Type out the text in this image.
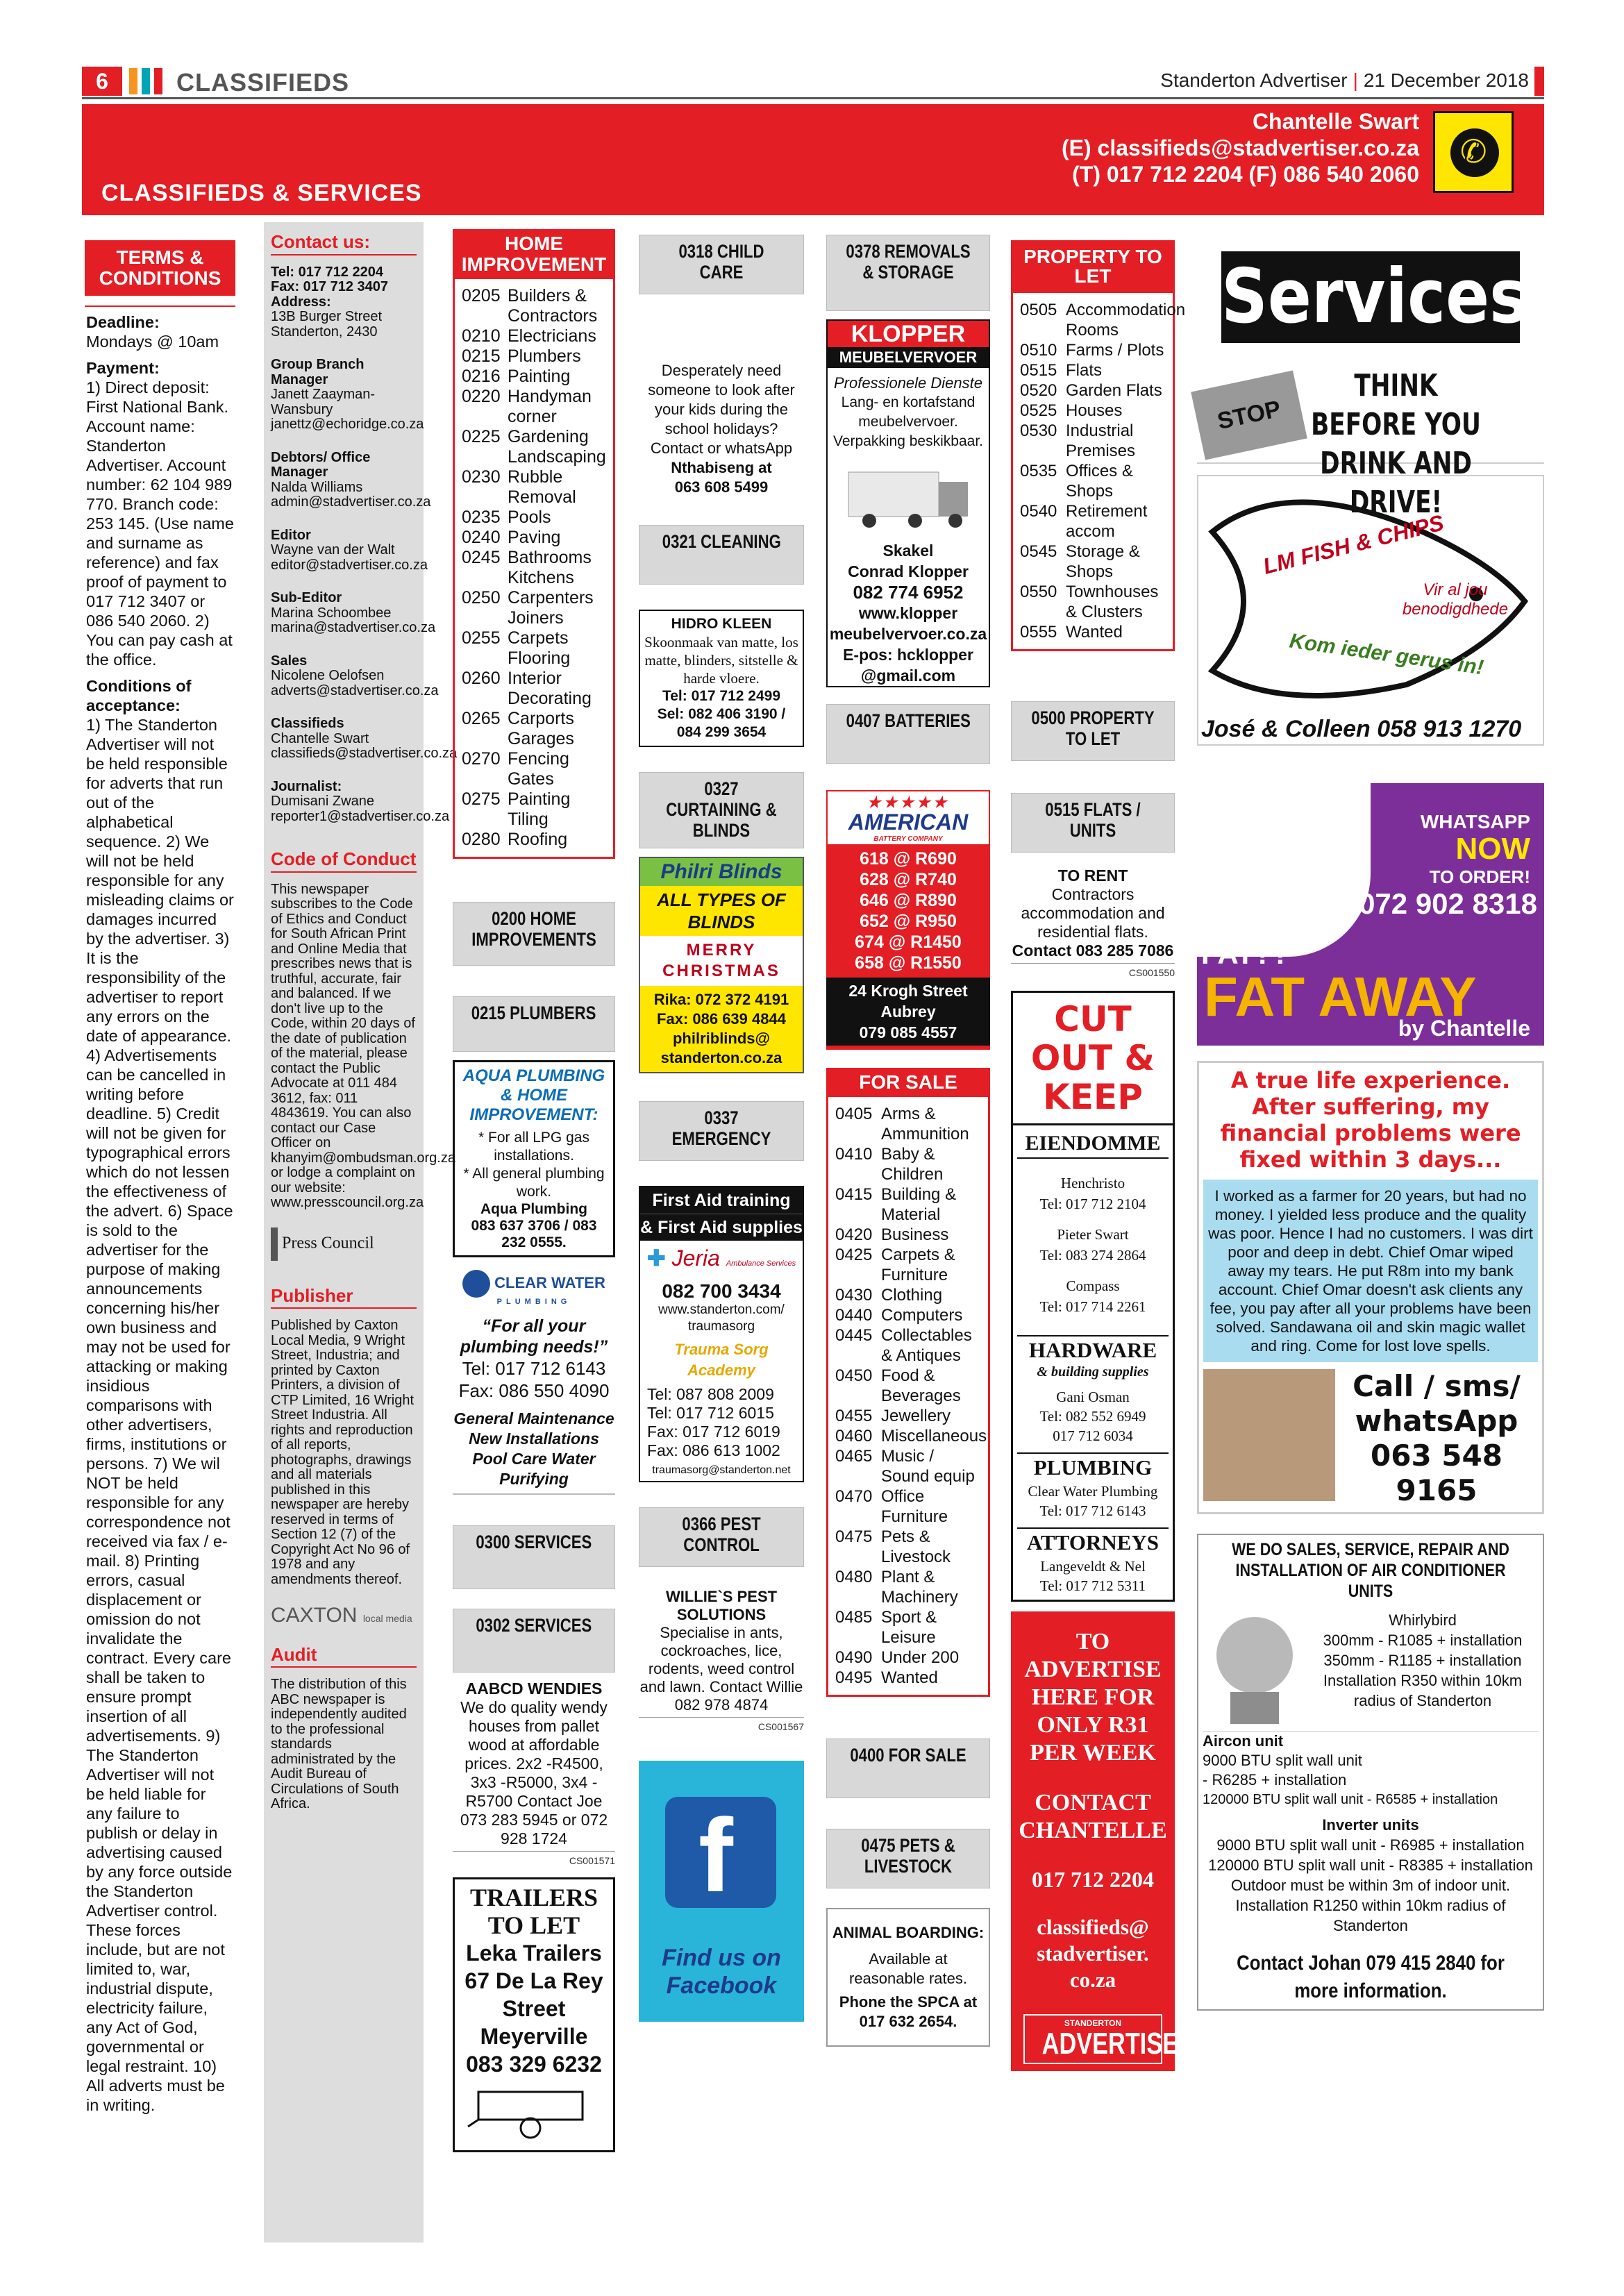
6	CLASSIFIEDS	Standerton Advertiser | 21 December 2018
CLASSIFIEDS & SERVICES
Chantelle Swart
(E) classifieds@stadvertiser.co.za
(T) 017 712 2204 (F) 086 540 2060
✆
TERMS & CONDITIONS
Deadline:
Mondays @ 10am
Payment:
1) Direct deposit: First National Bank. Account name: Standerton Advertiser. Account number: 62 104 989 770. Branch code: 253 145. (Use name and surname as reference) and fax proof of payment to 017 712 3407 or 086 540 2060. 2) You can pay cash at the office.
Conditions of acceptance:
1) The Standerton Advertiser will not be held responsible for adverts that run out of the alphabetical sequence. 2) We will not be held responsible for any misleading claims or damages incurred by the advertiser. 3) It is the responsibility of the advertiser to report any errors on the date of appearance. 4) Advertisements can be cancelled in writing before deadline. 5) Credit will not be given for typographical errors which do not lessen the effectiveness of the advert. 6) Space is sold to the advertiser for the purpose of making announcements concerning his/her own business and may not be used for attacking or making insidious comparisons with other advertisers, firms, institutions or persons. 7) We wil NOT be held responsible for any correspondence not received via fax / e-mail. 8) Printing errors, casual displacement or omission do not invalidate the contract. Every care shall be taken to ensure prompt insertion of all advertisements. 9) The Standerton Advertiser will not be held liable for any failure to publish or delay in advertising caused by any force outside the Standerton Advertiser control. These forces include, but are not limited to, war, industrial dispute, electricity failure, any Act of God, governmental or legal restraint. 10) All adverts must be in writing.
Contact us:
Tel: 017 712 2204
Fax: 017 712 3407
Address:
13B Burger Street Standerton, 2430
Group Branch Manager
Janett Zaayman-Wansbury janettz@echoridge.co.za
Debtors/ Office Manager
Nalda Williams admin@stadvertiser.co.za
Editor
Wayne van der Walt editor@stadvertiser.co.za
Sub-Editor
Marina Schoombee marina@stadvertiser.co.za
Sales
Nicolene Oelofsen adverts@stadvertiser.co.za
Classifieds
Chantelle Swart classifieds@stadvertiser.co.za
Journalist:
Dumisani Zwane reporter1@stadvertiser.co.za
Code of Conduct
This newspaper subscribes to the Code of Ethics and Conduct for South African Print and Online Media that prescribes news that is truthful, accurate, fair and balanced. If we don't live up to the Code, within 20 days of the date of publication of the material, please contact the Public Advocate at 011 484 3612, fax: 011 4843619. You can also contact our Case Officer on khanyim@ombudsman.org.za or lodge a complaint on our website: www.presscouncil.org.za
Press Council
Publisher
Published by Caxton Local Media, 9 Wright Street, Industria; and printed by Caxton Printers, a division of CTP Limited, 16 Wright Street Industria. All rights and reproduction of all reports, photographs, drawings and all materials published in this newspaper are hereby reserved in terms of Section 12 (7) of the Copyright Act No 96 of 1978 and any amendments thereof.
CAXTON local media
Audit
The distribution of this ABC newspaper is independently audited to the professional standards administrated by the Audit Bureau of Circulations of South Africa.
HOME IMPROVEMENT
0205 Builders & Contractors
0210 Electricians
0215 Plumbers
0216 Painting
0220 Handyman corner
0225 Gardening Landscaping
0230 Rubble Removal
0235 Pools
0240 Paving
0245 Bathrooms Kitchens
0250 Carpenters Joiners
0255 Carpets Flooring
0260 Interior Decorating
0265 Carports Garages
0270 Fencing Gates
0275 Painting Tiling
0280 Roofing
0200 HOME IMPROVEMENTS
0215 PLUMBERS
AQUA PLUMBING & HOME IMPROVEMENT:
* For all LPG gas installations.
* All general plumbing work.
Aqua Plumbing
083 637 3706 / 083 232 0555.
CLEAR WATER
PLUMBING
“For all your plumbing needs!”
Tel: 017 712 6143
Fax: 086 550 4090
General Maintenance New Installations Pool Care Water Purifying
0300 SERVICES
0302 SERVICES
AABCD WENDIES
We do quality wendy houses from pallet wood at affordable prices. 2x2 -R4500, 3x3 -R5000, 3x4 -R5700 Contact Joe 073 283 5945 or 072 928 1724
CS001571
TRAILERS
TO LET
Leka Trailers
67 De La Rey Street
Meyerville
083 329 6232
0318 CHILD CARE
Desperately need someone to look after your kids during the school holidays? Contact or whatsApp
Nthabiseng at
063 608 5499
0321 CLEANING
HIDRO KLEEN
Skoonmaak van matte, los matte, blinders, sitstelle & harde vloere.
Tel: 017 712 2499
Sel: 082 406 3190 / 084 299 3654
0327 CURTAINING & BLINDS
Philri Blinds
ALL TYPES OF BLINDS
MERRY
CHRISTMAS
Rika: 072 372 4191
Fax: 086 639 4844
philriblinds@ standerton.co.za
0337 EMERGENCY
First Aid training
& First Aid supplies
✚ Jeria Ambulance Services
082 700 3434
www.standerton.com/ traumasorg
Trauma Sorg Academy
Tel: 087 808 2009
Tel: 017 712 6015
Fax: 017 712 6019
Fax: 086 613 1002
traumasorg@standerton.net
0366 PEST CONTROL
WILLIE`S PEST SOLUTIONS
Specialise in ants, cockroaches, lice, rodents, weed control and lawn. Contact Willie 082 978 4874
CS001567
f
Find us on
Facebook
0378 REMOVALS & STORAGE
KLOPPER
MEUBELVERVOER
Professionele Dienste
Lang- en kortafstand meubelvervoer. Verpakking beskikbaar.
Skakel
Conrad Klopper
082 774 6952
www.klopper meubelvervoer.co.za
E-pos: hcklopper @gmail.com
0407 BATTERIES
★★★★★
AMERICAN
BATTERY COMPANY
618 @ R690
628 @ R740
646 @ R890
652 @ R950
674 @ R1450
658 @ R1550
24 Krogh Street Aubrey
079 085 4557
FOR SALE
0405 Arms & Ammunition
0410 Baby & Children
0415 Building & Material
0420 Business
0425 Carpets & Furniture
0430 Clothing
0440 Computers
0445 Collectables & Antiques
0450 Food & Beverages
0455 Jewellery
0460 Miscellaneous
0465 Music / Sound equip
0470 Office Furniture
0475 Pets & Livestock
0480 Plant & Machinery
0485 Sport & Leisure
0490 Under 200
0495 Wanted
0400 FOR SALE
0475 PETS & LIVESTOCK
ANIMAL BOARDING:
Available at reasonable rates.
Phone the SPCA at 017 632 2654.
PROPERTY TO LET
0505 Accommodation Rooms
0510 Farms / Plots
0515 Flats
0520 Garden Flats
0525 Houses
0530 Industrial Premises
0535 Offices & Shops
0540 Retirement accom
0545 Storage & Shops
0550 Townhouses & Clusters
0555 Wanted
0500 PROPERTY TO LET
0515 FLATS / UNITS
TO RENT
Contractors accommodation and residential flats.
Contact 083 285 7086
CS001550
CUT OUT & KEEP
EIENDOMME
Henchristo
Tel: 017 712 2104
Pieter Swart
Tel: 083 274 2864
Compass
Tel: 017 714 2261
HARDWARE
& building supplies
Gani Osman
Tel: 082 552 6949
017 712 6034
PLUMBING
Clear Water Plumbing
Tel: 017 712 6143
ATTORNEYS
Langeveldt & Nel
Tel: 017 712 5311
TO ADVERTISE HERE FOR ONLY R31 PER WEEK
CONTACT CHANTELLE
017 712 2204
classifieds@ stadvertiser. co.za
STANDERTON
ADVERTISER
Services
STOP
THINK BEFORE YOU
DRINK AND DRIVE!
LM FISH & CHIPS
Vir al jou benodigdhede
Kom ieder gerus in!
José & Colleen 058 913 1270
WHATSAPP
NOW
TO ORDER!
072 902 8318
FED UP
BEING
FAT??
FAT AWAY
by Chantelle
A true life experience. After suffering, my financial problems were fixed within 3 days...
I worked as a farmer for 20 years, but had no money. I yielded less produce and the quality was poor. Hence I had no customers. I was dirt poor and deep in debt. Chief Omar wiped away my tears. He put R8m into my bank account. Chief Omar doesn't ask clients any fee, you pay after all your problems have been solved. Sandawana oil and skin magic wallet and ring. Come for lost love spells.
Call / sms/ whatsApp 063 548 9165
WE DO SALES, SERVICE, REPAIR AND INSTALLATION OF AIR CONDITIONER UNITS
Whirlybird
300mm - R1085 + installation
350mm - R1185 + installation
Installation R350 within 10km radius of Standerton
Aircon unit
9000 BTU split wall unit
- R6285 + installation
120000 BTU split wall unit - R6585 + installation
Inverter units
9000 BTU split wall unit - R6985 + installation
120000 BTU split wall unit - R8385 + installation
Outdoor must be within 3m of indoor unit. Installation R1250 within 10km radius of Standerton
Contact Johan 079 415 2840 for more information.
